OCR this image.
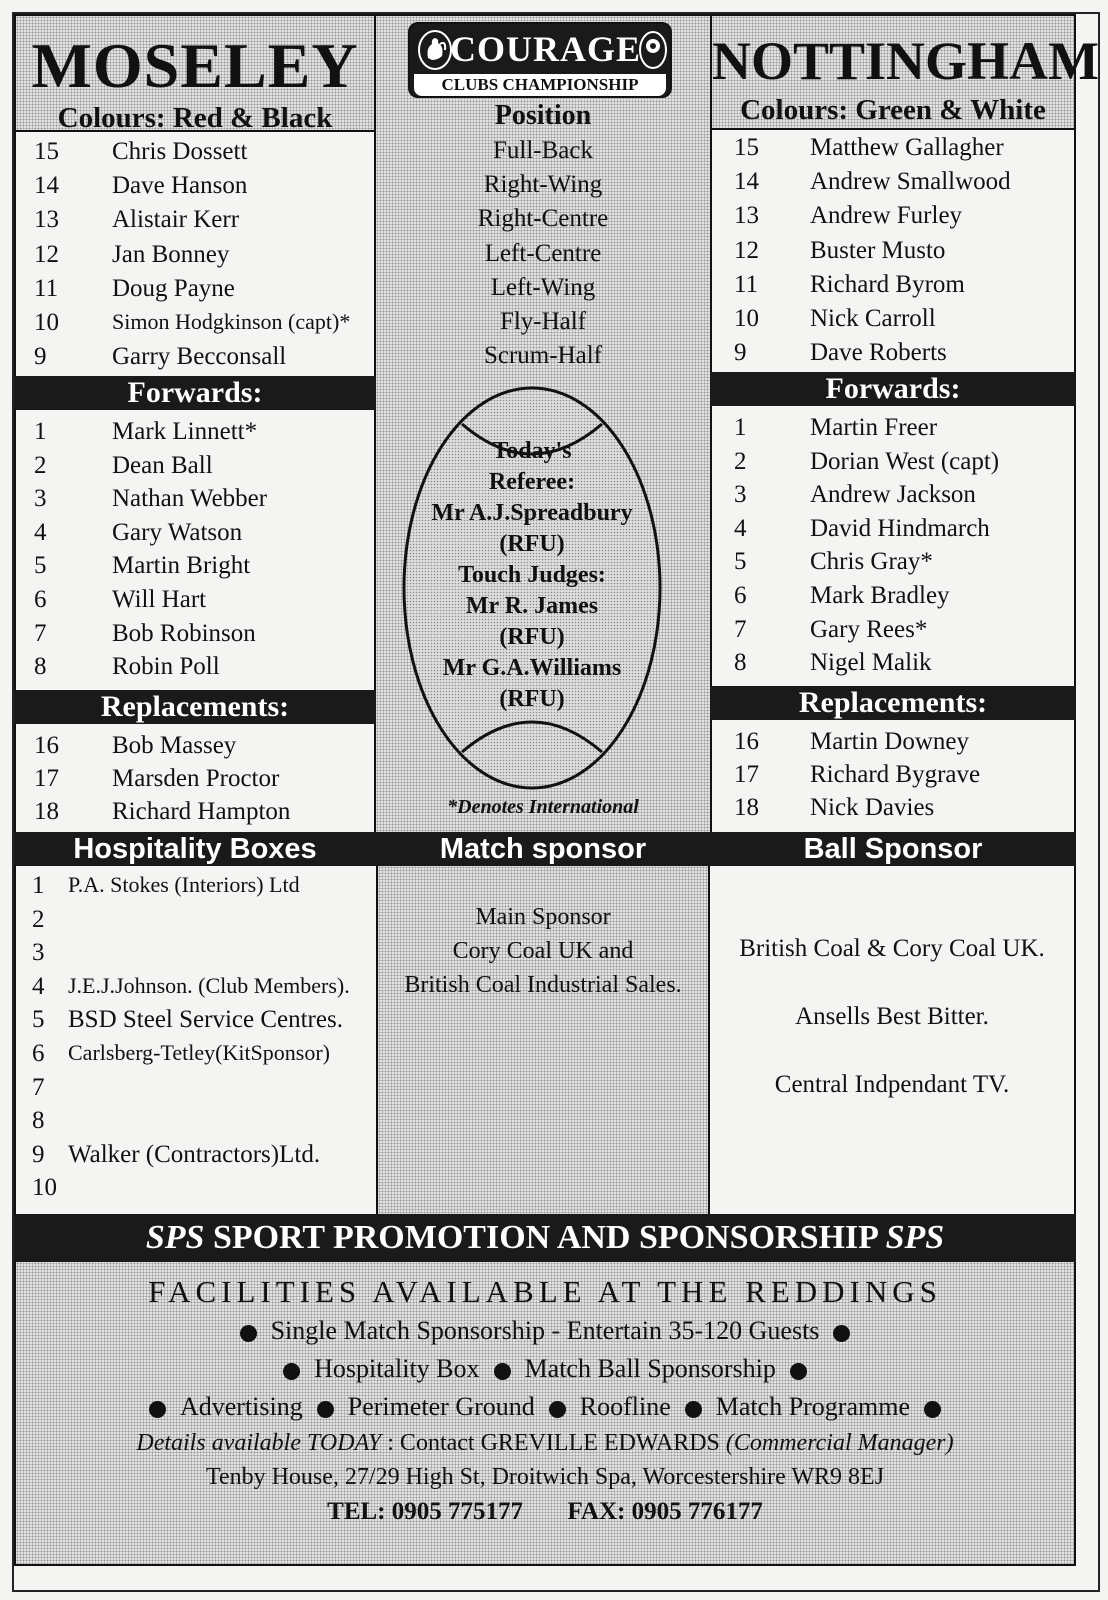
MOSELEY
Colours: Red & Black
15 Chris Dossett
14 Dave Hanson
13 Alistair Kerr
12 Jan Bonney
11 Doug Payne
10 Simon Hodgkinson (capt)*
9	Garry Becconsall
Forwards:
1	Mark Linnett*
2	Dean Ball
3	Nathan Webber
4	Gary Watson
5	Martin Bright
6	Will Hart
7	Bob Robinson
8	Robin Poll
Replacements:
16 Bob Massey
17 Marsden Proctor
18 Richard Hampton
COURAGE
CLUBS CHAMPIONSHIP
Position
Full-Back
Right-Wing
Right-Centre
Left-Centre
Left-Wing
Fly-Half
Scrum-Half
Today's
Referee:
Mr A.J.Spreadbury
(RFU)
Touch Judges:
Mr R. James
(RFU)
Mr G.A.Williams
(RFU)
*Denotes International
NOTTINGHAM
Colours: Green & White
15 Matthew Gallagher
14 Andrew Smallwood
13 Andrew Furley
12 Buster Musto
11 Richard Byrom
10 Nick Carroll
9	Dave Roberts
Forwards:
1	Martin Freer
2	Dorian West (capt)
3	Andrew Jackson
4	David Hindmarch
5	Chris Gray*
6	Mark Bradley
7	Gary Rees*
8	Nigel Malik
Replacements:
16 Martin Downey
17 Richard Bygrave
18 Nick Davies
Hospitality Boxes	Match sponsor	Ball Sponsor
1 P.A. Stokes (Interiors) Ltd
2
3
4 J.E.J.Johnson. (Club Members).
5 BSD Steel Service Centres.
6 Carlsberg-Tetley(KitSponsor)
7
8
9 Walker (Contractors)Ltd.
10
Main Sponsor
Cory Coal UK and
British Coal Industrial Sales.
British Coal & Cory Coal UK.
Ansells Best Bitter.
Central Indpendant TV.
SPS SPORT PROMOTION AND SPONSORSHIP SPS
FACILITIES AVAILABLE AT THE REDDINGS
Single Match Sponsorship - Entertain 35-120 Guests
Hospitality Box Match Ball Sponsorship
Advertising Perimeter Ground Roofline Match Programme
Details available TODAY : Contact GREVILLE EDWARDS (Commercial Manager)
Tenby House, 27/29 High St, Droitwich Spa, Worcestershire WR9 8EJ
TEL: 0905 775177 FAX: 0905 776177
